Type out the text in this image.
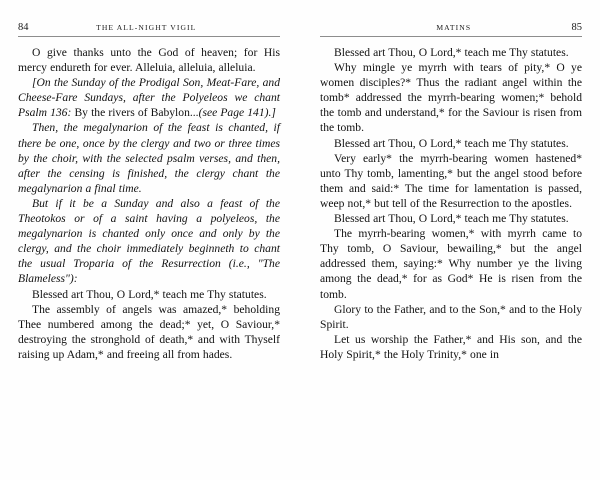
84	THE ALL-NIGHT VIGIL

O give thanks unto the God of heaven; for His mercy endureth for ever. Alleluia, alleluia, alleluia.

[On the Sunday of the Prodigal Son, Meat-Fare, and Cheese-Fare Sundays, after the Polyeleos we chant Psalm 136: By the rivers of Babylon...(see Page 141).]

Then, the megalynarion of the feast is chanted, if there be one, once by the clergy and two or three times by the choir, with the selected psalm verses, and then, after the censing is finished, the clergy chant the megalynarion a final time.

But if it be a Sunday and also a feast of the Theotokos or of a saint having a polyeleos, the megalynarion is chanted only once and only by the clergy, and the choir immediately beginneth to chant the usual Troparia of the Resurrection (i.e., "The Blameless"):

Blessed art Thou, O Lord,* teach me Thy statutes.

The assembly of angels was amazed,* beholding Thee numbered among the dead;* yet, O Saviour,* destroying the stronghold of death,* and with Thyself raising up Adam,* and freeing all from hades.

MATINS	85

Blessed art Thou, O Lord,* teach me Thy statutes.

Why mingle ye myrrh with tears of pity,* O ye women disciples?* Thus the radiant angel within the tomb* addressed the myrrh-bearing women;* behold the tomb and understand,* for the Saviour is risen from the tomb.

Blessed art Thou, O Lord,* teach me Thy statutes.

Very early* the myrrh-bearing women hastened* unto Thy tomb, lamenting,* but the angel stood before them and said:* The time for lamentation is passed, weep not,* but tell of the Resurrection to the apostles.

Blessed art Thou, O Lord,* teach me Thy statutes.

The myrrh-bearing women,* with myrrh came to Thy tomb, O Saviour, bewailing,* but the angel addressed them, saying:* Why number ye the living among the dead,* for as God* He is risen from the tomb.

Glory to the Father, and to the Son,* and to the Holy Spirit.

Let us worship the Father,* and His son, and the Holy Spirit,* the Holy Trinity,* one in
